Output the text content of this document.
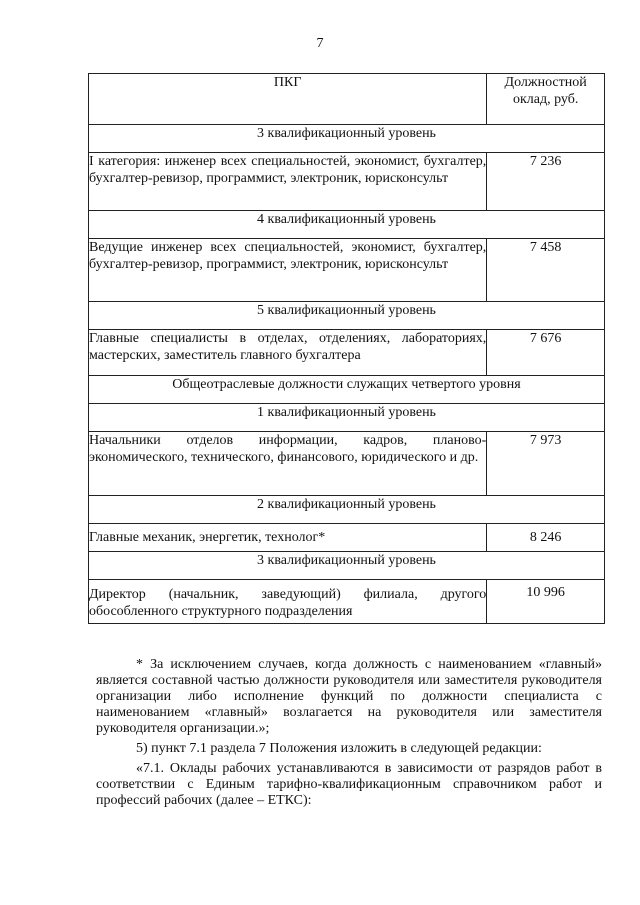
7
ПКГ	Должностной оклад, руб.
3 квалификационный уровень	
I категория: инженер всех специальностей, экономист, бухгалтер, бухгалтер-ревизор, программист, электроник, юрисконсульт	7 236
4 квалификационный уровень	
Ведущие инженер всех специальностей, экономист, бухгалтер, бухгалтер-ревизор, программист, электроник, юрисконсульт	7 458
5 квалификационный уровень	
Главные специалисты в отделах, отделениях, лабораториях, мастерских, заместитель главного бухгалтера	7 676
Общеотраслевые должности служащих четвертого уровня	
1 квалификационный уровень	
Начальники отделов информации, кадров, планово-экономического, технического, финансового, юридического и др.	7 973
2 квалификационный уровень	
Главные механик, энергетик, технолог*	8 246
3 квалификационный уровень	
Директор (начальник, заведующий) филиала, другого обособленного структурного подразделения	10 996

* За исключением случаев, когда должность с наименованием «главный» является составной частью должности руководителя или заместителя руководителя организации либо исполнение функций по должности специалиста с наименованием «главный» возлагается на руководителя или заместителя руководителя организации.»;

5) пункт 7.1 раздела 7 Положения изложить в следующей редакции:

«7.1. Оклады рабочих устанавливаются в зависимости от разрядов работ в соответствии с Единым тарифно-квалификационным справочником работ и профессий рабочих (далее – ЕТКС):
